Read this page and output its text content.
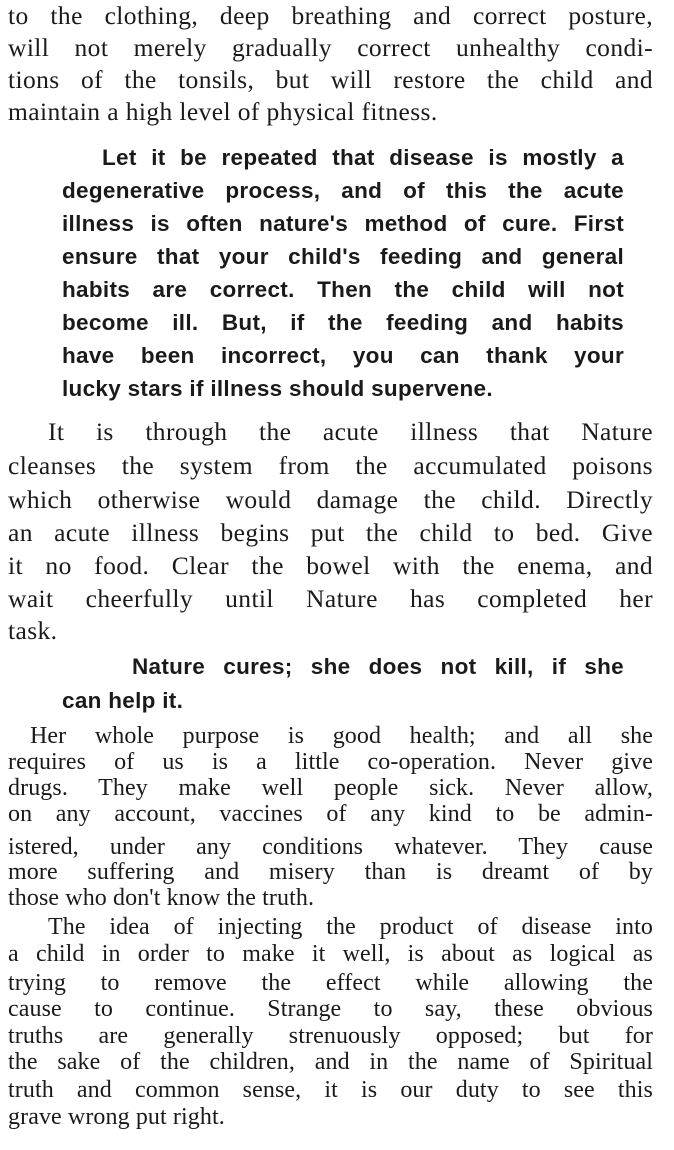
to the clothing, deep breathing and correct posture,
will not merely gradually correct unhealthy condi-
tions of the tonsils, but will restore the child and
maintain a high level of physical fitness.
Let it be repeated that disease is mostly a
degenerative process, and of this the acute
illness is often nature's method of cure. First
ensure that your child's feeding and general
habits are correct. Then the child will not
become ill. But, if the feeding and habits
have been incorrect, you can thank your
lucky stars if illness should supervene.
It is through the acute illness that Nature
cleanses the system from the accumulated poisons
which otherwise would damage the child. Directly
an acute illness begins put the child to bed. Give
it no food. Clear the bowel with the enema, and
wait cheerfully until Nature has completed her
task.
Nature cures; she does not kill, if she
can help it.
Her whole purpose is good health; and all she
requires of us is a little co-operation. Never give
drugs. They make well people sick. Never allow,
on any account, vaccines of any kind to be admin-
istered, under any conditions whatever. They cause
more suffering and misery than is dreamt of by
those who don't know the truth.
The idea of injecting the product of disease into
a child in order to make it well, is about as logical as
trying to remove the effect while allowing the
cause to continue. Strange to say, these obvious
truths are generally strenuously opposed; but for
the sake of the children, and in the name of Spiritual
truth and common sense, it is our duty to see this
grave wrong put right.
